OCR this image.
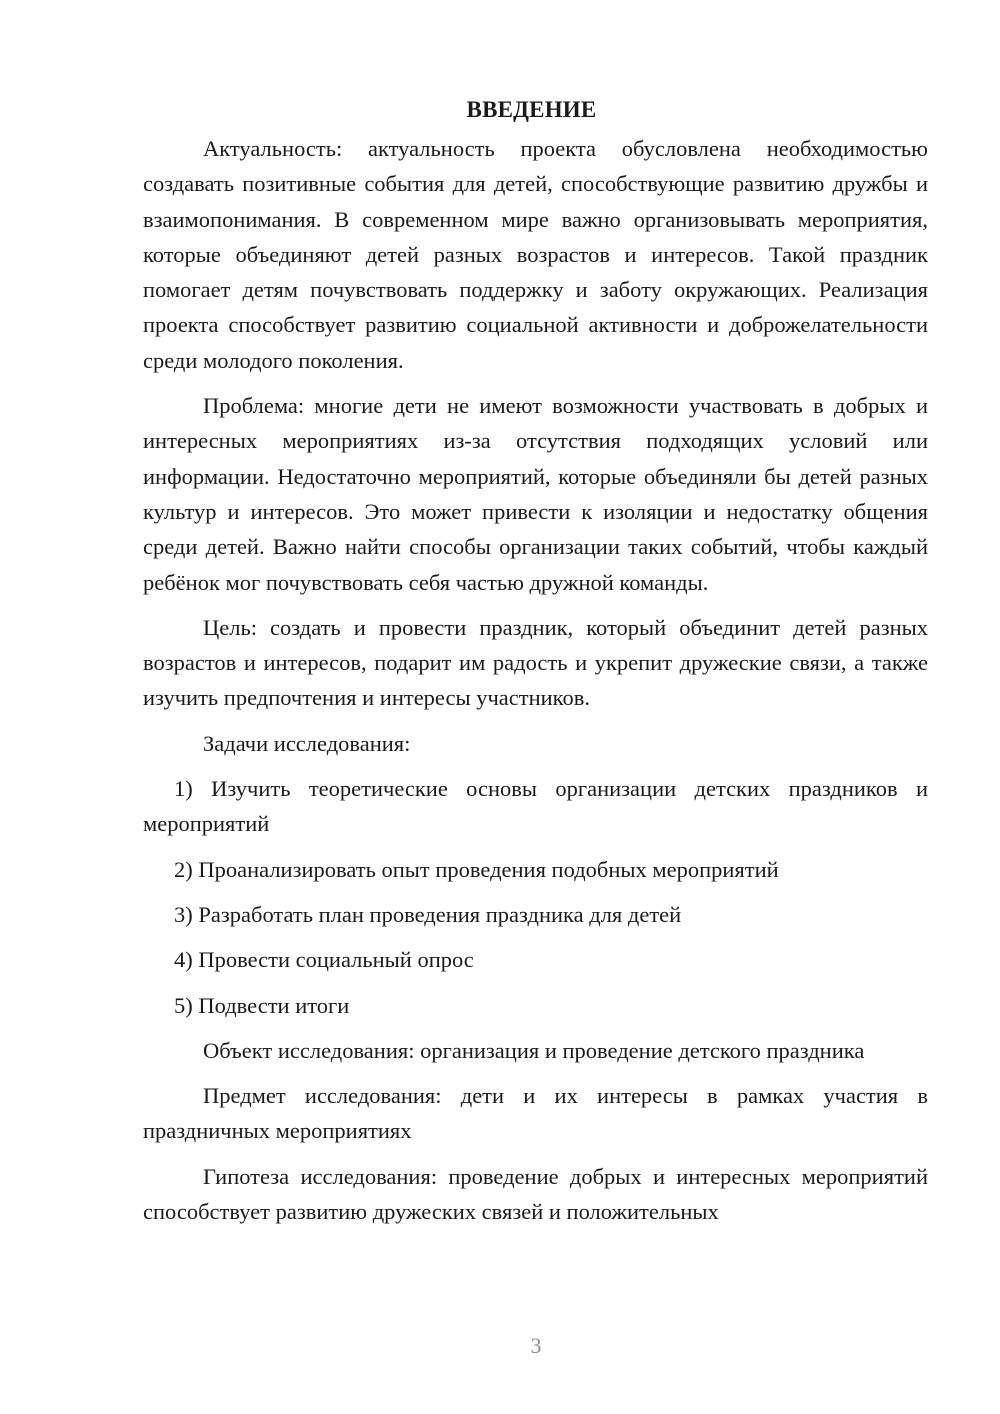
ВВЕДЕНИЕ

Актуальность: актуальность проекта обусловлена необходимостью создавать позитивные события для детей, способствующие развитию дружбы и взаимопонимания. В современном мире важно организовывать мероприятия, которые объединяют детей разных возрастов и интересов. Такой праздник помогает детям почувствовать поддержку и заботу окружающих. Реализация проекта способствует развитию социальной активности и доброжелательности среди молодого поколения.

Проблема: многие дети не имеют возможности участвовать в добрых и интересных мероприятиях из-за отсутствия подходящих условий или информации. Недостаточно мероприятий, которые объединяли бы детей разных культур и интересов. Это может привести к изоляции и недостатку общения среди детей. Важно найти способы организации таких событий, чтобы каждый ребёнок мог почувствовать себя частью дружной команды.

Цель: создать и провести праздник, который объединит детей разных возрастов и интересов, подарит им радость и укрепит дружеские связи, а также изучить предпочтения и интересы участников.

Задачи исследования:

1) Изучить теоретические основы организации детских праздников и мероприятий

2) Проанализировать опыт проведения подобных мероприятий

3) Разработать план проведения праздника для детей

4) Провести социальный опрос

5) Подвести итоги

Объект исследования: организация и проведение детского праздника

Предмет исследования: дети и их интересы в рамках участия в праздничных мероприятиях

Гипотеза исследования: проведение добрых и интересных мероприятий способствует развитию дружеских связей и положительных

3
